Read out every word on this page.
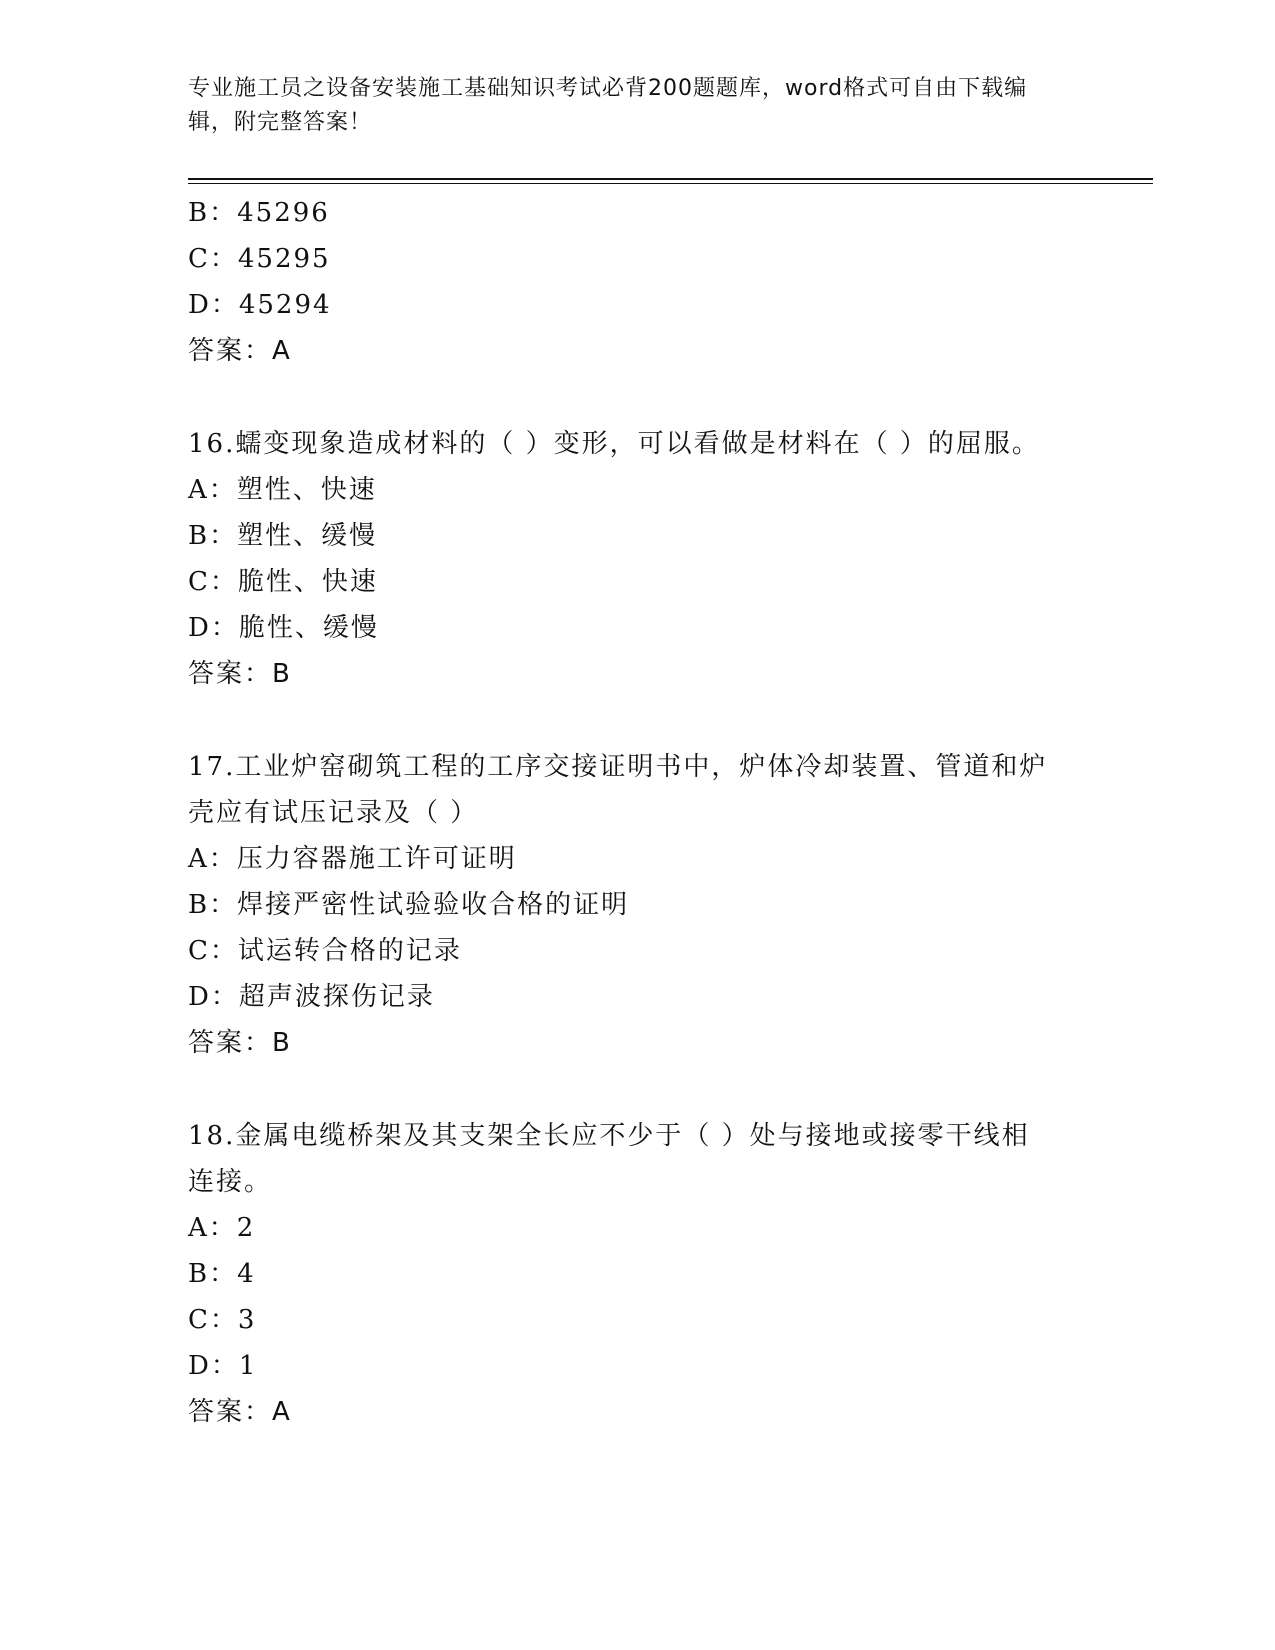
专业施工员之设备安装施工基础知识考试必背200题题库，word格式可自由下载编辑，附完整答案！
B：45296
C：45295
D：45294
答案：A
16.蠕变现象造成材料的（ ）变形，可以看做是材料在（ ）的屈服。
A：塑性、快速
B：塑性、缓慢
C：脆性、快速
D：脆性、缓慢
答案：B
17.工业炉窑砌筑工程的工序交接证明书中，炉体冷却装置、管道和炉
壳应有试压记录及（ ）
A：压力容器施工许可证明
B：焊接严密性试验验收合格的证明
C：试运转合格的记录
D：超声波探伤记录
答案：B
18.金属电缆桥架及其支架全长应不少于（ ）处与接地或接零干线相
连接。
A：2
B：4
C：3
D：1
答案：A
